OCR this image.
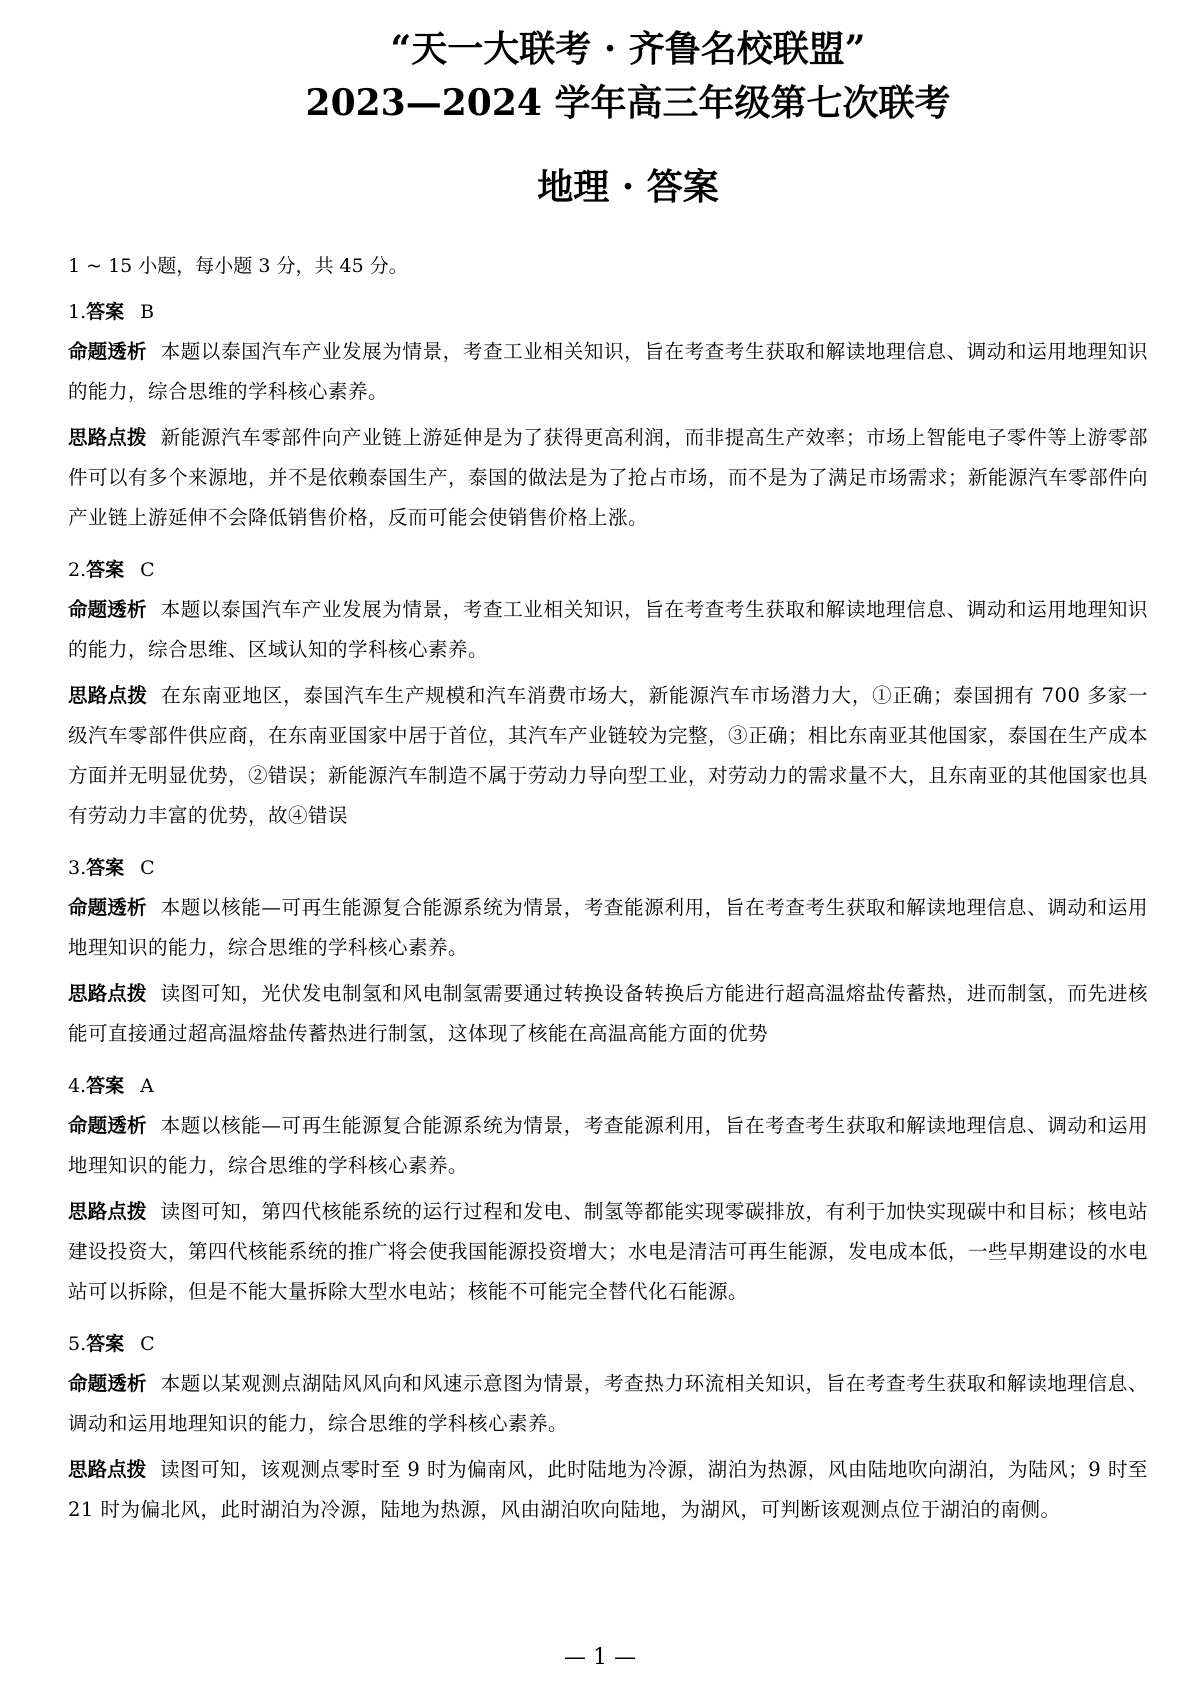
“天一大联考 · 齐鲁名校联盟”
2023—2024 学年高三年级第七次联考
地理 · 答案
1 ~ 15 小题，每小题 3 分，共 45 分。
1.答案 B
命题透析 本题以泰国汽车产业发展为情景，考查工业相关知识，旨在考查考生获取和解读地理信息、调动和运用地理知识的能力，综合思维的学科核心素养。
思路点拨 新能源汽车零部件向产业链上游延伸是为了获得更高利润，而非提高生产效率；市场上智能电子零件等上游零部件可以有多个来源地，并不是依赖泰国生产，泰国的做法是为了抢占市场，而不是为了满足市场需求；新能源汽车零部件向产业链上游延伸不会降低销售价格，反而可能会使销售价格上涨。
2.答案 C
命题透析 本题以泰国汽车产业发展为情景，考查工业相关知识，旨在考查考生获取和解读地理信息、调动和运用地理知识的能力，综合思维、区域认知的学科核心素养。
思路点拨 在东南亚地区，泰国汽车生产规模和汽车消费市场大，新能源汽车市场潜力大，①正确；泰国拥有 700 多家一级汽车零部件供应商，在东南亚国家中居于首位，其汽车产业链较为完整，③正确；相比东南亚其他国家，泰国在生产成本方面并无明显优势，②错误；新能源汽车制造不属于劳动力导向型工业，对劳动力的需求量不大，且东南亚的其他国家也具有劳动力丰富的优势，故④错误
3.答案 C
命题透析 本题以核能—可再生能源复合能源系统为情景，考查能源利用，旨在考查考生获取和解读地理信息、调动和运用地理知识的能力，综合思维的学科核心素养。
思路点拨 读图可知，光伏发电制氢和风电制氢需要通过转换设备转换后方能进行超高温熔盐传蓄热，进而制氢，而先进核能可直接通过超高温熔盐传蓄热进行制氢，这体现了核能在高温高能方面的优势
4.答案 A
命题透析 本题以核能—可再生能源复合能源系统为情景，考查能源利用，旨在考查考生获取和解读地理信息、调动和运用地理知识的能力，综合思维的学科核心素养。
思路点拨 读图可知，第四代核能系统的运行过程和发电、制氢等都能实现零碳排放，有利于加快实现碳中和目标；核电站建设投资大，第四代核能系统的推广将会使我国能源投资增大；水电是清洁可再生能源，发电成本低，一些早期建设的水电站可以拆除，但是不能大量拆除大型水电站；核能不可能完全替代化石能源。
5.答案 C
命题透析 本题以某观测点湖陆风风向和风速示意图为情景，考查热力环流相关知识，旨在考查考生获取和解读地理信息、调动和运用地理知识的能力，综合思维的学科核心素养。
思路点拨 读图可知，该观测点零时至 9 时为偏南风，此时陆地为冷源，湖泊为热源，风由陆地吹向湖泊，为陆风；9 时至 21 时为偏北风，此时湖泊为冷源，陆地为热源，风由湖泊吹向陆地，为湖风，可判断该观测点位于湖泊的南侧。
— 1 —
